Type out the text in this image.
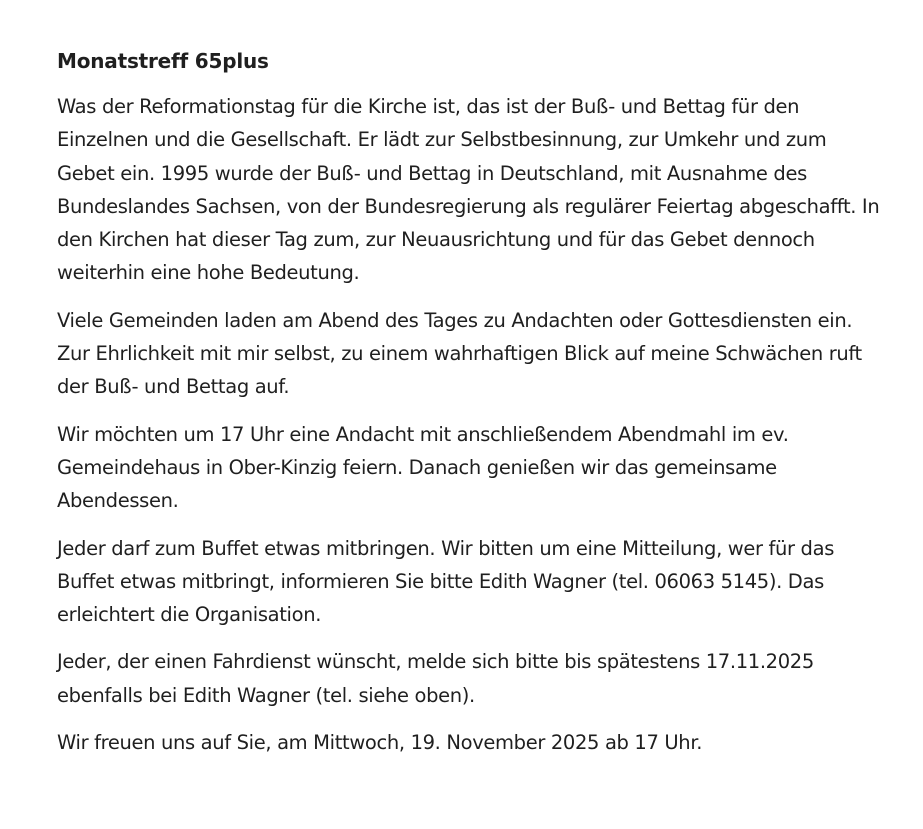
Monatstreff 65plus

Was der Reformationstag für die Kirche ist, das ist der Buß- und Bettag für den Einzelnen und die Gesellschaft. Er lädt zur Selbstbesinnung, zur Umkehr und zum Gebet ein. 1995 wurde der Buß- und Bettag in Deutschland, mit Ausnahme des Bundeslandes Sachsen, von der Bundesregierung als regulärer Feiertag abgeschafft. In den Kirchen hat dieser Tag zum, zur Neuausrichtung und für das Gebet dennoch weiterhin eine hohe Bedeutung.

Viele Gemeinden laden am Abend des Tages zu Andachten oder Gottesdiensten ein. Zur Ehrlichkeit mit mir selbst, zu einem wahrhaftigen Blick auf meine Schwächen ruft der Buß- und Bettag auf.

Wir möchten um 17 Uhr eine Andacht mit anschließendem Abendmahl im ev. Gemeindehaus in Ober-Kinzig feiern. Danach genießen wir das gemeinsame Abendessen.

Jeder darf zum Buffet etwas mitbringen. Wir bitten um eine Mitteilung, wer für das Buffet etwas mitbringt, informieren Sie bitte Edith Wagner (tel. 06063 5145). Das erleichtert die Organisation.

Jeder, der einen Fahrdienst wünscht, melde sich bitte bis spätestens 17.11.2025 ebenfalls bei Edith Wagner (tel. siehe oben).

Wir freuen uns auf Sie, am Mittwoch, 19. November 2025 ab 17 Uhr.
